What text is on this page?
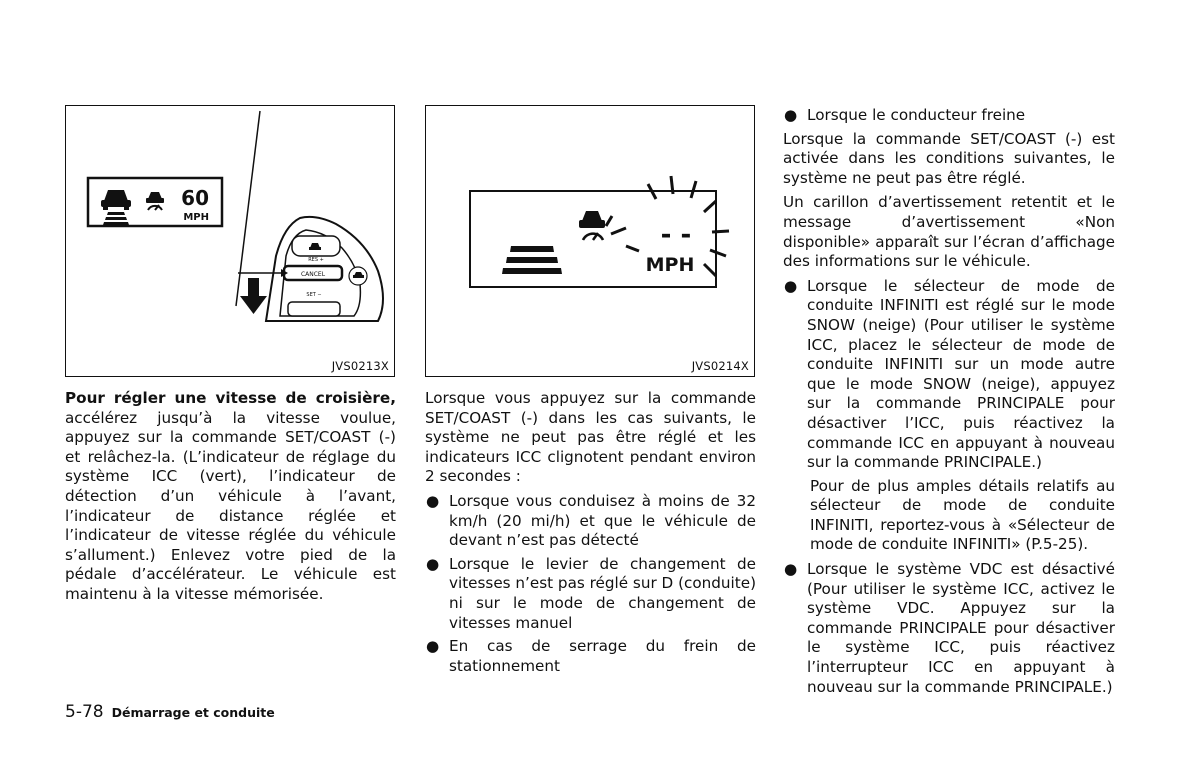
60
MPH
RES +
CANCEL
SET −
JVS0213X
- -
MPH
JVS0214X

Pour régler une vitesse de croisière, accélérez jusqu’à la vitesse voulue, appuyez sur la commande SET/COAST (-) et relâchez-la. (L’indicateur de réglage du système ICC (vert), l’indicateur de détection d’un véhicule à l’avant, l’indicateur de distance réglée et l’indicateur de vitesse réglée du véhicule s’allument.) Enlevez votre pied de la pédale d’accélérateur. Le véhicule est maintenu à la vitesse mémorisée.

Lorsque vous appuyez sur la commande SET/COAST (-) dans les cas suivants, le système ne peut pas être réglé et les indicateurs ICC clignotent pendant environ 2 secondes :

● Lorsque vous conduisez à moins de 32 km/h (20 mi/h) et que le véhicule de devant n’est pas détecté
● Lorsque le levier de changement de vitesses n’est pas réglé sur D (conduite) ni sur le mode de changement de vitesses manuel
● En cas de serrage du frein de stationnement
● Lorsque le conducteur freine

Lorsque la commande SET/COAST (-) est activée dans les conditions suivantes, le système ne peut pas être réglé.

Un carillon d’avertissement retentit et le message d’avertissement «Non disponible» apparaît sur l’écran d’affichage des informations sur le véhicule.

● Lorsque le sélecteur de mode de conduite INFINITI est réglé sur le mode SNOW (neige) (Pour utiliser le système ICC, placez le sélecteur de mode de conduite INFINITI sur un mode autre que le mode SNOW (neige), appuyez sur la commande PRINCIPALE pour désactiver l’ICC, puis réactivez la commande ICC en appuyant à nouveau sur la commande PRINCIPALE.)

Pour de plus amples détails relatifs au sélecteur de mode de conduite INFINITI, reportez-vous à «Sélecteur de mode de conduite INFINITI» (P.5-25).

● Lorsque le système VDC est désactivé (Pour utiliser le système ICC, activez le système VDC. Appuyez sur la commande PRINCIPALE pour désactiver le système ICC, puis réactivez l’interrupteur ICC en appuyant à nouveau sur la commande PRINCIPALE.)
5-78 Démarrage et conduite
